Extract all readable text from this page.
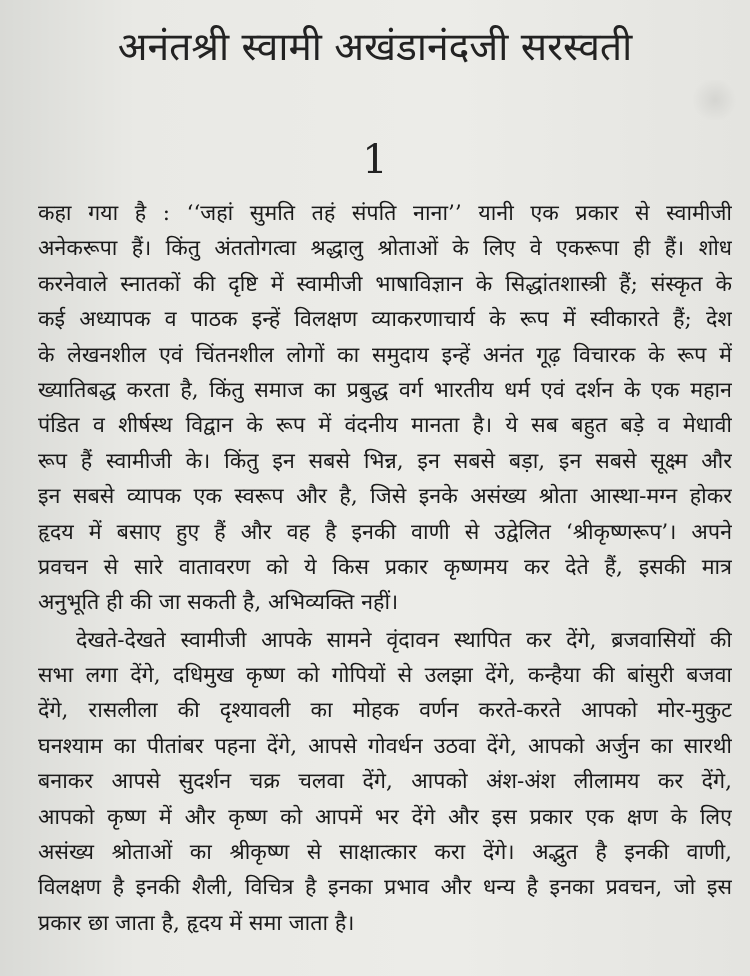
अनंतश्री स्वामी अखंडानंदजी सरस्वती
1
कहा गया है : ‘‘जहां सुमति तहं संपति नाना’’ यानी एक प्रकार से स्वामीजी
अनेकरूपा हैं। किंतु अंततोगत्वा श्रद्धालु श्रोताओं के लिए वे एकरूपा ही हैं। शोध
करनेवाले स्नातकों की दृष्टि में स्वामीजी भाषाविज्ञान के सिद्धांतशास्त्री हैं; संस्कृत के
कई अध्यापक व पाठक इन्हें विलक्षण व्याकरणाचार्य के रूप में स्वीकारते हैं; देश
के लेखनशील एवं चिंतनशील लोगों का समुदाय इन्हें अनंत गूढ़ विचारक के रूप में
ख्यातिबद्ध करता है, किंतु समाज का प्रबुद्ध वर्ग भारतीय धर्म एवं दर्शन के एक महान
पंडित व शीर्षस्थ विद्वान के रूप में वंदनीय मानता है। ये सब बहुत बड़े व मेधावी
रूप हैं स्वामीजी के। किंतु इन सबसे भिन्न, इन सबसे बड़ा, इन सबसे सूक्ष्म और
इन सबसे व्यापक एक स्वरूप और है, जिसे इनके असंख्य श्रोता आस्था-मग्न होकर
हृदय में बसाए हुए हैं और वह है इनकी वाणी से उद्वेलित ‘श्रीकृष्णरूप’। अपने
प्रवचन से सारे वातावरण को ये किस प्रकार कृष्णमय कर देते हैं, इसकी मात्र
अनुभूति ही की जा सकती है, अभिव्यक्ति नहीं।
देखते-देखते स्वामीजी आपके सामने वृंदावन स्थापित कर देंगे, ब्रजवासियों की
सभा लगा देंगे, दधिमुख कृष्ण को गोपियों से उलझा देंगे, कन्हैया की बांसुरी बजवा
देंगे, रासलीला की दृश्यावली का मोहक वर्णन करते-करते आपको मोर-मुकुट
घनश्याम का पीतांबर पहना देंगे, आपसे गोवर्धन उठवा देंगे, आपको अर्जुन का सारथी
बनाकर आपसे सुदर्शन चक्र चलवा देंगे, आपको अंश-अंश लीलामय कर देंगे,
आपको कृष्ण में और कृष्ण को आपमें भर देंगे और इस प्रकार एक क्षण के लिए
असंख्य श्रोताओं का श्रीकृष्ण से साक्षात्कार करा देंगे। अद्भुत है इनकी वाणी,
विलक्षण है इनकी शैली, विचित्र है इनका प्रभाव और धन्य है इनका प्रवचन, जो इस
प्रकार छा जाता है, हृदय में समा जाता है।
